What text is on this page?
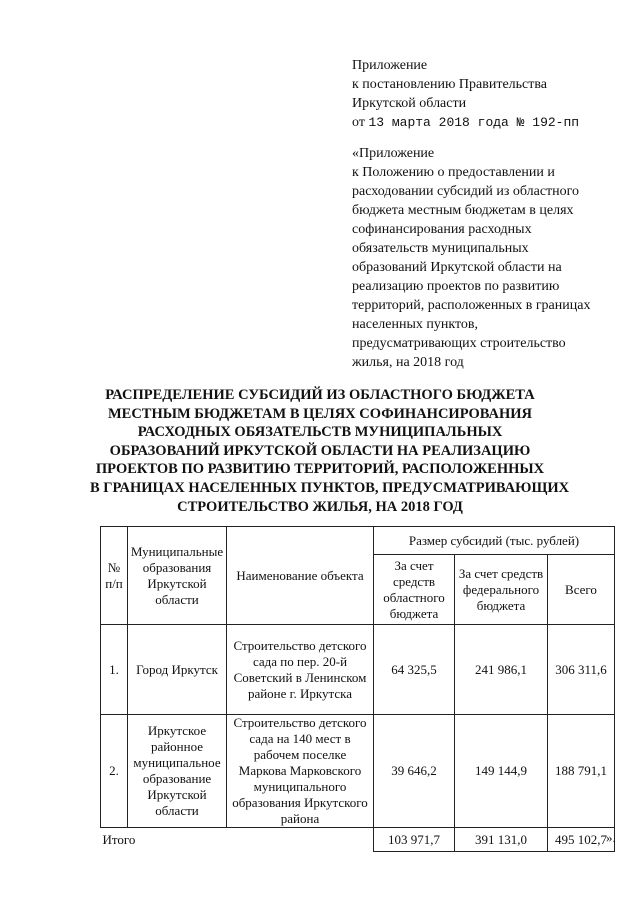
Приложение
к постановлению Правительства
Иркутской области
от 13 марта 2018 года № 192-пп
«Приложение
к Положению о предоставлении и
расходовании субсидий из областного
бюджета местным бюджетам в целях
софинансирования расходных
обязательств муниципальных
образований Иркутской области на
реализацию проектов по развитию
территорий, расположенных в границах
населенных пунктов,
предусматривающих строительство
жилья, на 2018 год
РАСПРЕДЕЛЕНИЕ СУБСИДИЙ ИЗ ОБЛАСТНОГО БЮДЖЕТА
МЕСТНЫМ БЮДЖЕТАМ В ЦЕЛЯХ СОФИНАНСИРОВАНИЯ
РАСХОДНЫХ ОБЯЗАТЕЛЬСТВ МУНИЦИПАЛЬНЫХ
ОБРАЗОВАНИЙ ИРКУТСКОЙ ОБЛАСТИ НА РЕАЛИЗАЦИЮ
ПРОЕКТОВ ПО РАЗВИТИЮ ТЕРРИТОРИЙ, РАСПОЛОЖЕННЫХ
В ГРАНИЦАХ НАСЕЛЕННЫХ ПУНКТОВ, ПРЕДУСМАТРИВАЮЩИХ
СТРОИТЕЛЬСТВО ЖИЛЬЯ, НА 2018 ГОД
№ п/п	Муниципальные образования Иркутской области	Наименование объекта	Размер субсидий (тыс. рублей)		
			За счет средств областного бюджета	За счет средств федерального бюджета	Всего
1.	Город Иркутск	Строительство детского сада по пер. 20-й Советский в Ленинском районе г. Иркутска	64 325,5	241 986,1	306 311,6
2.	Иркутское районное муниципальное образование Иркутской области	Строительство детского сада на 140 мест в рабочем поселке Маркова Марковского муниципального образования Иркутского района	39 646,2	149 144,9	188 791,1
Итого			103 971,7	391 131,0	495 102,7 ».
